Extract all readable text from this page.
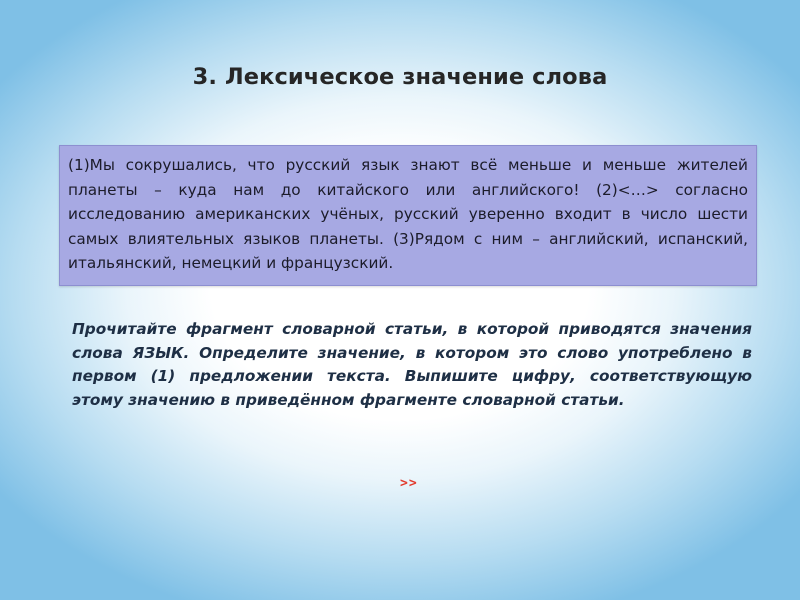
3. Лексическое значение слова
(1)Мы сокрушались, что русский язык знают всё меньше и меньше жителей планеты – куда нам до китайского или английского! (2)<…> согласно исследованию американских учёных, русский уверенно входит в число шести самых влиятельных языков планеты. (3)Рядом с ним – английский, испанский, итальянский, немецкий и французский.
Прочитайте фрагмент словарной статьи, в которой приводятся значения слова ЯЗЫК. Определите значение, в котором это слово употреблено в первом (1) предложении текста. Выпишите цифру, соответствующую этому значению в приведённом фрагменте словарной статьи.
>>
